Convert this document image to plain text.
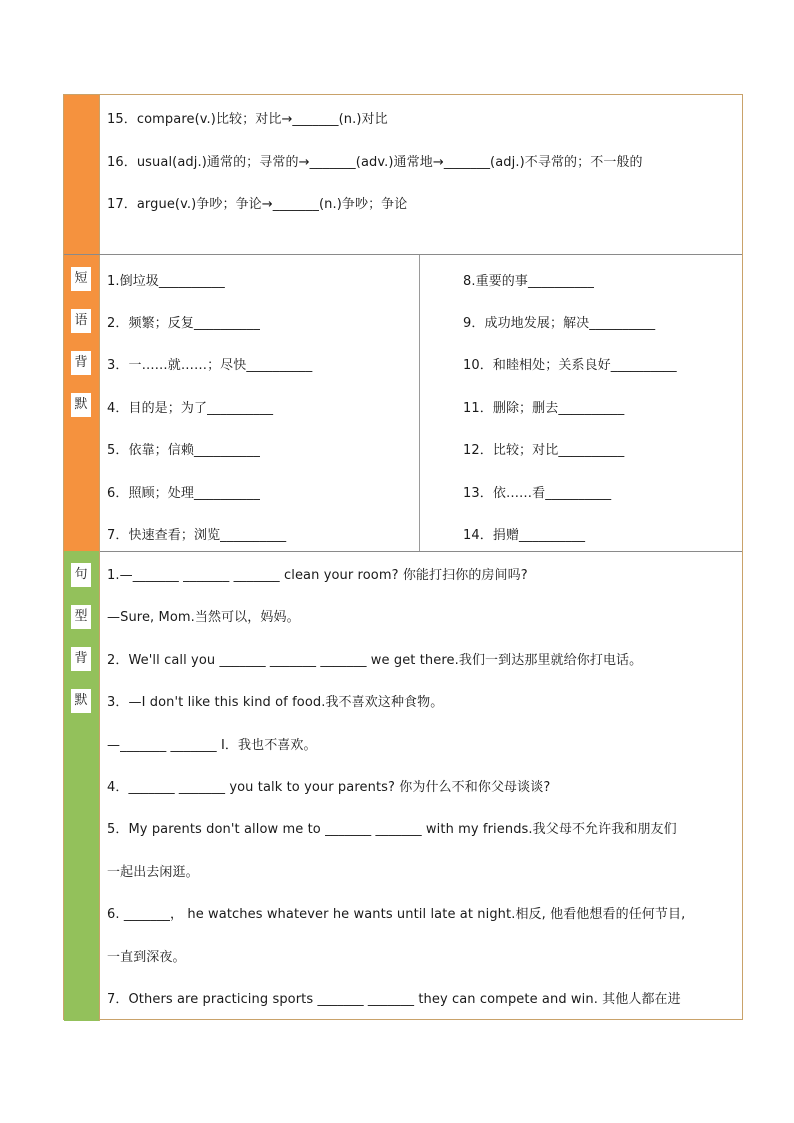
15．compare(v.)比较；对比→_______(n.)对比
16．usual(adj.)通常的；寻常的→_______(adv.)通常地→_______(adj.)不寻常的；不一般的
17．argue(v.)争吵；争论→_______(n.)争吵；争论
短
语
背
默
1.倒垃圾__________
2．频繁；反复__________
3．一……就……；尽快__________
4．目的是；为了__________
5．依靠；信赖__________
6．照顾；处理__________
7．快速查看；浏览__________
8.重要的事__________
9．成功地发展；解决__________
10．和睦相处；关系良好__________
11．删除；删去__________
12．比较；对比__________
13．依……看__________
14．捐赠__________
句
型
背
默
1.—_______ _______ _______ clean your room? 你能打扫你的房间吗?
—Sure, Mom.当然可以，妈妈。
2．We'll call you _______ _______ _______ we get there.我们一到达那里就给你打电话。
3．—I don't like this kind of food.我不喜欢这种食物。
—_______ _______ I．我也不喜欢。
4．_______ _______ you talk to your parents? 你为什么不和你父母谈谈?
5．My parents don't allow me to _______ _______ with my friends.我父母不允许我和朋友们
一起出去闲逛。
6. _______， he watches whatever he wants until late at night.相反, 他看他想看的任何节目,
一直到深夜。
7．Others are practicing sports _______ _______ they can compete and win. 其他人都在进
